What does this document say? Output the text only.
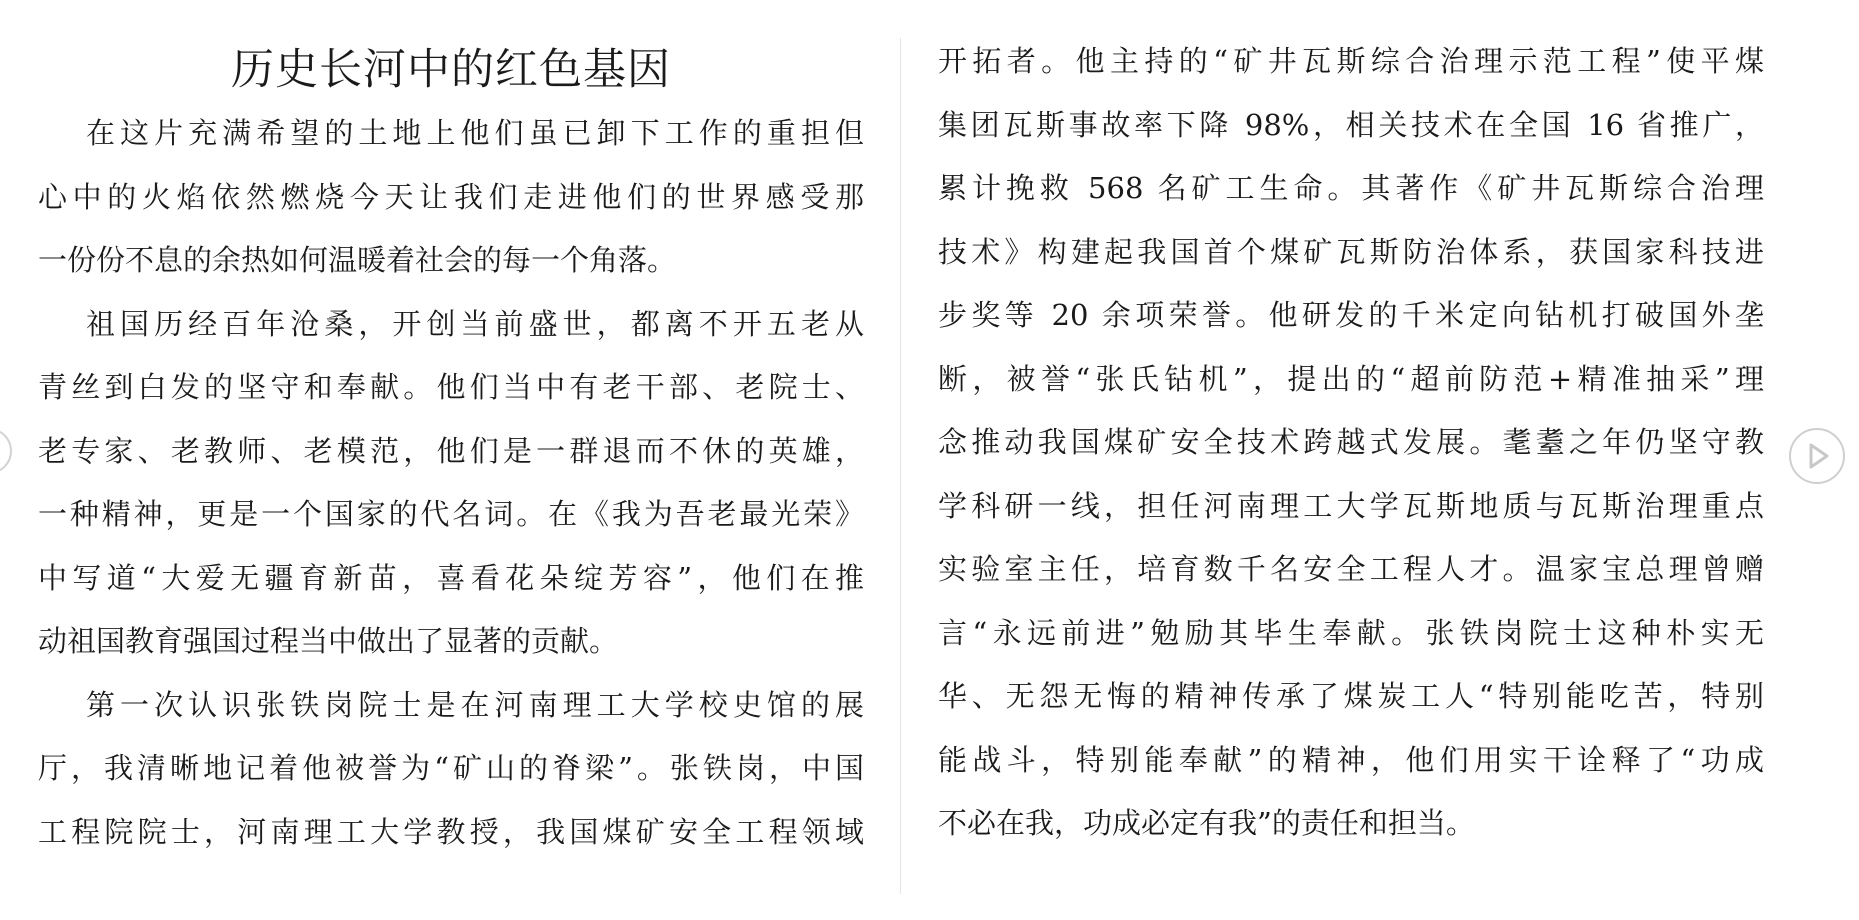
历史长河中的红色基因
在这片充满希望的土地上他们虽已卸下工作的重担但
心中的火焰依然燃烧今天让我们走进他们的世界感受那
一份份不息的余热如何温暖着社会的每一个角落。
祖国历经百年沧桑，开创当前盛世，都离不开五老从
青丝到白发的坚守和奉献。他们当中有老干部、老院士、
老专家、老教师、老模范，他们是一群退而不休的英雄，
一种精神，更是一个国家的代名词。在《我为吾老最光荣》
中写道“大爱无疆育新苗，喜看花朵绽芳容”，他们在推
动祖国教育强国过程当中做出了显著的贡献。
第一次认识张铁岗院士是在河南理工大学校史馆的展
厅，我清晰地记着他被誉为“矿山的脊梁”。张铁岗，中国
工程院院士，河南理工大学教授，我国煤矿安全工程领域
开拓者。他主持的“矿井瓦斯综合治理示范工程”使平煤
集团瓦斯事故率下降 98%，相关技术在全国 16 省推广，
累计挽救 568 名矿工生命。其著作《矿井瓦斯综合治理
技术》构建起我国首个煤矿瓦斯防治体系，获国家科技进
步奖等 20 余项荣誉。他研发的千米定向钻机打破国外垄
断，被誉“张氏钻机”，提出的“超前防范+精准抽采”理
念推动我国煤矿安全技术跨越式发展。耄耋之年仍坚守教
学科研一线，担任河南理工大学瓦斯地质与瓦斯治理重点
实验室主任，培育数千名安全工程人才。温家宝总理曾赠
言“永远前进”勉励其毕生奉献。张铁岗院士这种朴实无
华、无怨无悔的精神传承了煤炭工人“特别能吃苦，特别
能战斗，特别能奉献”的精神，他们用实干诠释了“功成
不必在我，功成必定有我”的责任和担当。
